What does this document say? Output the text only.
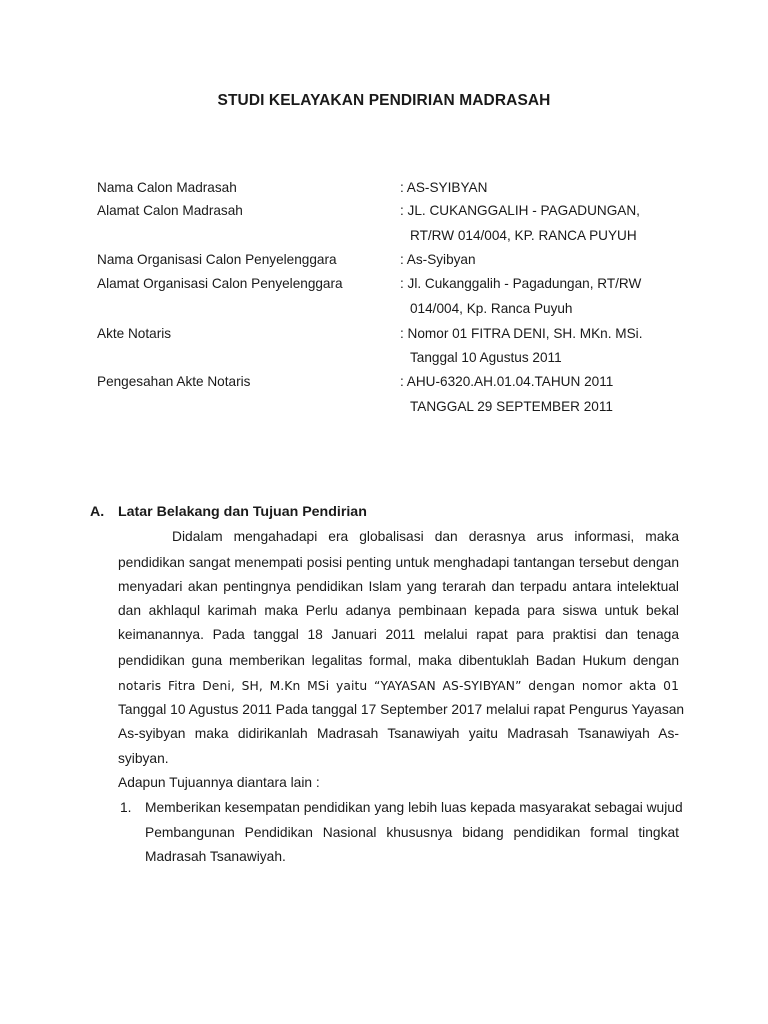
STUDI KELAYAKAN PENDIRIAN MADRASAH
Nama Calon Madrasah	: AS-SYIBYAN
Alamat Calon Madrasah	: JL. CUKANGGALIH - PAGADUNGAN,
RT/RW 014/004, KP. RANCA PUYUH
Nama Organisasi Calon Penyelenggara	: As-Syibyan
Alamat Organisasi Calon Penyelenggara	: Jl. Cukanggalih - Pagadungan, RT/RW
014/004, Kp. Ranca Puyuh
Akte Notaris	: Nomor 01 FITRA DENI, SH. MKn. MSi.
Tanggal 10 Agustus 2011
Pengesahan Akte Notaris	: AHU-6320.AH.01.04.TAHUN 2011
TANGGAL 29 SEPTEMBER 2011
A. Latar Belakang dan Tujuan Pendirian
Didalam mengahadapi era globalisasi dan derasnya arus informasi, maka
pendidikan sangat menempati posisi penting untuk menghadapi tantangan tersebut dengan
menyadari akan pentingnya pendidikan Islam yang terarah dan terpadu antara intelektual
dan akhlaqul karimah maka Perlu adanya pembinaan kepada para siswa untuk bekal
keimanannya. Pada tanggal 18 Januari 2011 melalui rapat para praktisi dan tenaga
pendidikan guna memberikan legalitas formal, maka dibentuklah Badan Hukum dengan
notaris Fitra Deni, SH, M.Kn MSi yaitu “YAYASAN AS-SYIBYAN” dengan nomor akta 01
Tanggal 10 Agustus 2011 Pada tanggal 17 September 2017 melalui rapat Pengurus Yayasan
As-syibyan maka didirikanlah Madrasah Tsanawiyah yaitu Madrasah Tsanawiyah As-
syibyan.
Adapun Tujuannya diantara lain :
1. Memberikan kesempatan pendidikan yang lebih luas kepada masyarakat sebagai wujud
Pembangunan Pendidikan Nasional khususnya bidang pendidikan formal tingkat
Madrasah Tsanawiyah.
